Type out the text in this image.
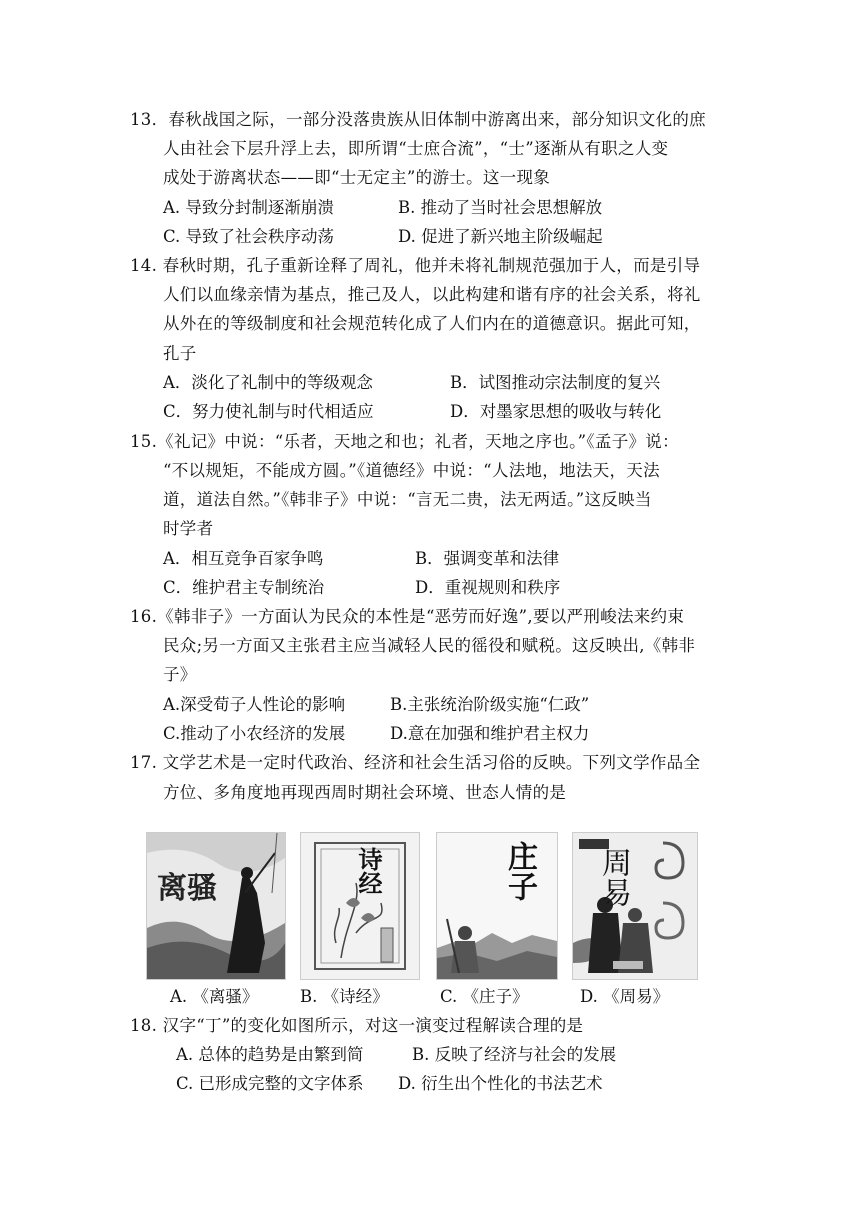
13．春秋战国之际，一部分没落贵族从旧体制中游离出来，部分知识文化的庶
人由社会下层升浮上去，即所谓“士庶合流”，“士”逐渐从有职之人变
成处于游离状态——即“士无定主”的游士。这一现象
A. 导致分封制逐渐崩溃	B. 推动了当时社会思想解放
C. 导致了社会秩序动荡	D. 促进了新兴地主阶级崛起
14. 春秋时期，孔子重新诠释了周礼，他并未将礼制规范强加于人，而是引导
人们以血缘亲情为基点，推己及人，以此构建和谐有序的社会关系，将礼
从外在的等级制度和社会规范转化成了人们内在的道德意识。据此可知，
孔子
A．淡化了礼制中的等级观念	B．试图推动宗法制度的复兴
C．努力使礼制与时代相适应	D．对墨家思想的吸收与转化
15.《礼记》中说：“乐者，天地之和也；礼者，天地之序也。”《孟子》说：
“不以规矩，不能成方圆。”《道德经》中说：“人法地，地法天，天法
道，道法自然。”《韩非子》中说：“言无二贵，法无两适。”这反映当
时学者
A．相互竞争百家争鸣	B．强调变革和法律
C．维护君主专制统治	D．重视规则和秩序
16.《韩非子》一方面认为民众的本性是“恶劳而好逸”,要以严刑峻法来约束
民众;另一方面又主张君主应当减轻人民的徭役和赋税。这反映出,《韩非
子》
A.深受荀子人性论的影响	B.主张统治阶级实施“仁政”
C.推动了小农经济的发展	D.意在加强和维护君主权力
17. 文学艺术是一定时代政治、经济和社会生活习俗的反映。下列文学作品全
方位、多角度地再现西周时期社会环境、世态人情的是
离骚	诗经	庄子 周易
A. 《离骚》	B. 《诗经》	C. 《庄子》	D. 《周易》
18. 汉字“丁”的变化如图所示，对这一演变过程解读合理的是
A. 总体的趋势是由繁到简	B. 反映了经济与社会的发展
C. 已形成完整的文字体系 D. 衍生出个性化的书法艺术
